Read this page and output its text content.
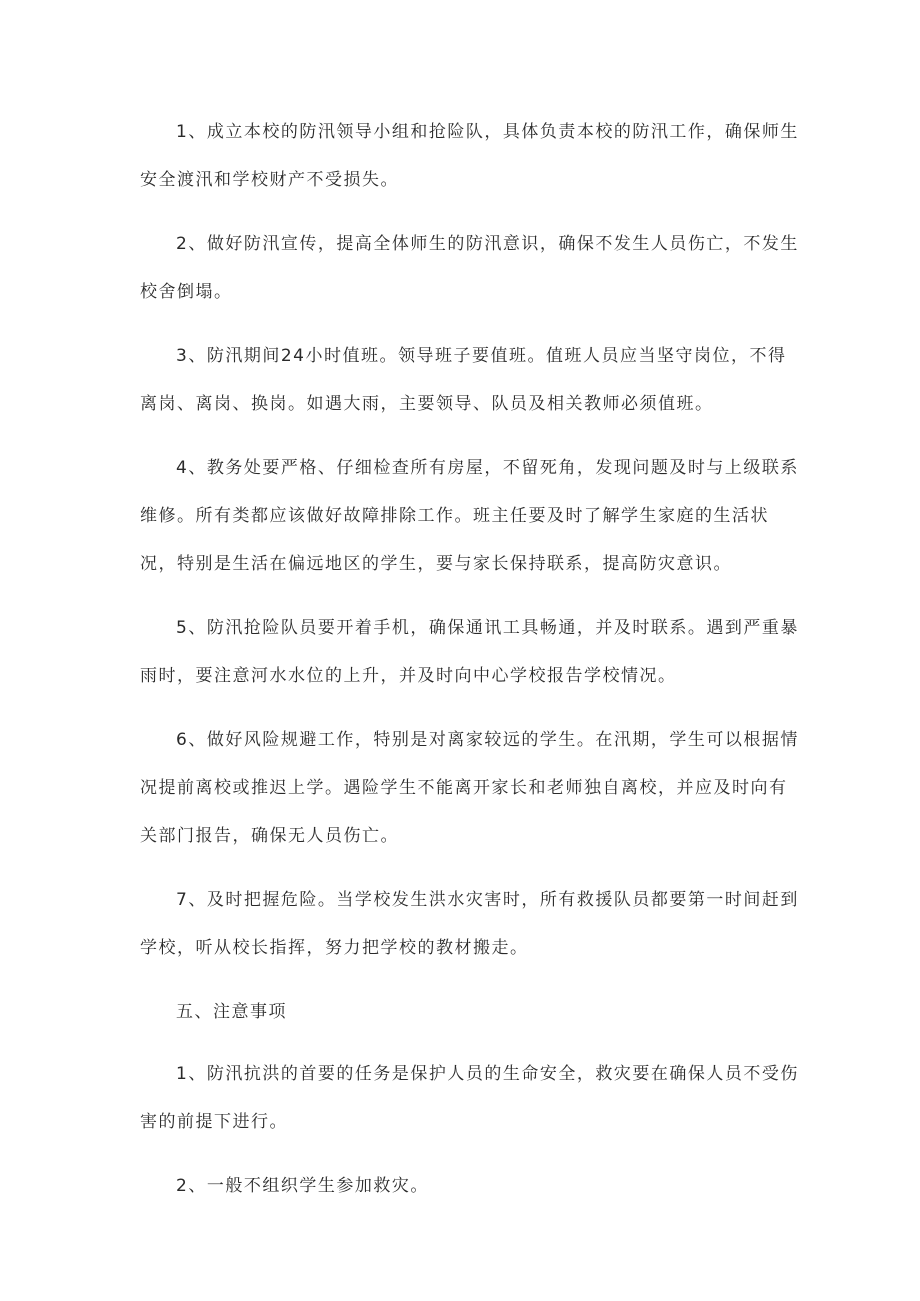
1、成立本校的防汛领导小组和抢险队，具体负责本校的防汛工作，确保师生安全渡汛和学校财产不受损失。

2、做好防汛宣传，提高全体师生的防汛意识，确保不发生人员伤亡，不发生校舍倒塌。

3、防汛期间24小时值班。领导班子要值班。值班人员应当坚守岗位，不得离岗、离岗、换岗。如遇大雨，主要领导、队员及相关教师必须值班。

4、教务处要严格、仔细检查所有房屋，不留死角，发现问题及时与上级联系维修。所有类都应该做好故障排除工作。班主任要及时了解学生家庭的生活状况，特别是生活在偏远地区的学生，要与家长保持联系，提高防灾意识。

5、防汛抢险队员要开着手机，确保通讯工具畅通，并及时联系。遇到严重暴雨时，要注意河水水位的上升，并及时向中心学校报告学校情况。

6、做好风险规避工作，特别是对离家较远的学生。在汛期，学生可以根据情况提前离校或推迟上学。遇险学生不能离开家长和老师独自离校，并应及时向有关部门报告，确保无人员伤亡。

7、及时把握危险。当学校发生洪水灾害时，所有救援队员都要第一时间赶到学校，听从校长指挥，努力把学校的教材搬走。

五、注意事项

1、防汛抗洪的首要的任务是保护人员的生命安全，救灾要在确保人员不受伤害的前提下进行。

2、一般不组织学生参加救灾。
